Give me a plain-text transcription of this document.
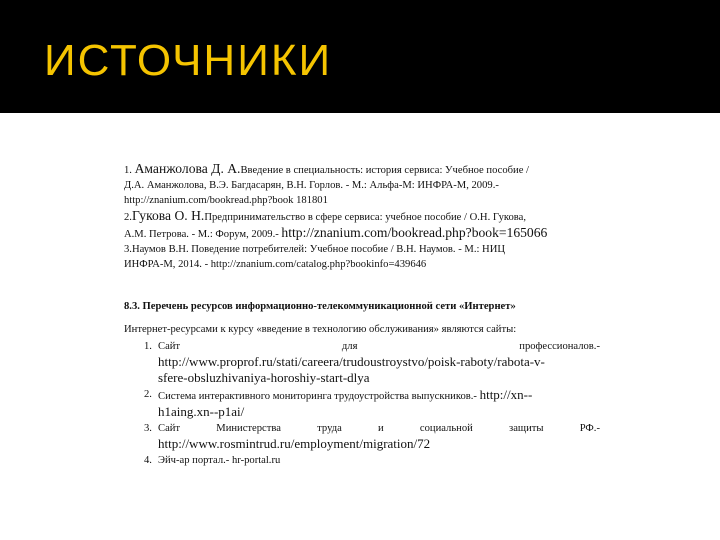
ИСТОЧНИКИ
1. Аманжолова Д. А.Введение в специальность: история сервиса: Учебное пособие /
Д.А. Аманжолова, В.Э. Багдасарян, В.Н. Горлов. - М.: Альфа-М: ИНФРА-М, 2009.-
http://znanium.com/bookread.php?book 181801
2.Гукова О. Н.Предпринимательство в сфере сервиса: учебное пособие / О.Н. Гукова,
А.М. Петрова. - М.: Форум, 2009.- http://znanium.com/bookread.php?book=165066
3.Наумов В.Н. Поведение потребителей: Учебное пособие / В.Н. Наумов. - М.: НИЦ
ИНФРА-М, 2014. - http://znanium.com/catalog.php?bookinfo=439646
8.3. Перечень ресурсов информационно-телекоммуникационной сети «Интернет»
Интернет-ресурсами к курсу «введение в технологию обслуживания» являются сайты:
1. Сайт	для	профессионалов.-
http://www.proprof.ru/stati/careera/trudoustroystvo/poisk-raboty/rabota-v-
sfere-obsluzhivaniya-horoshiy-start-dlya
2. Система интерактивного мониторинга трудоустройства выпускников.- http://xn--
h1aing.xn--p1ai/
3. Сайт	Министерства	труда	и	социальной	защиты	РФ.-
http://www.rosmintrud.ru/employment/migration/72
4. Эйч-ар портал.- hr-portal.ru
